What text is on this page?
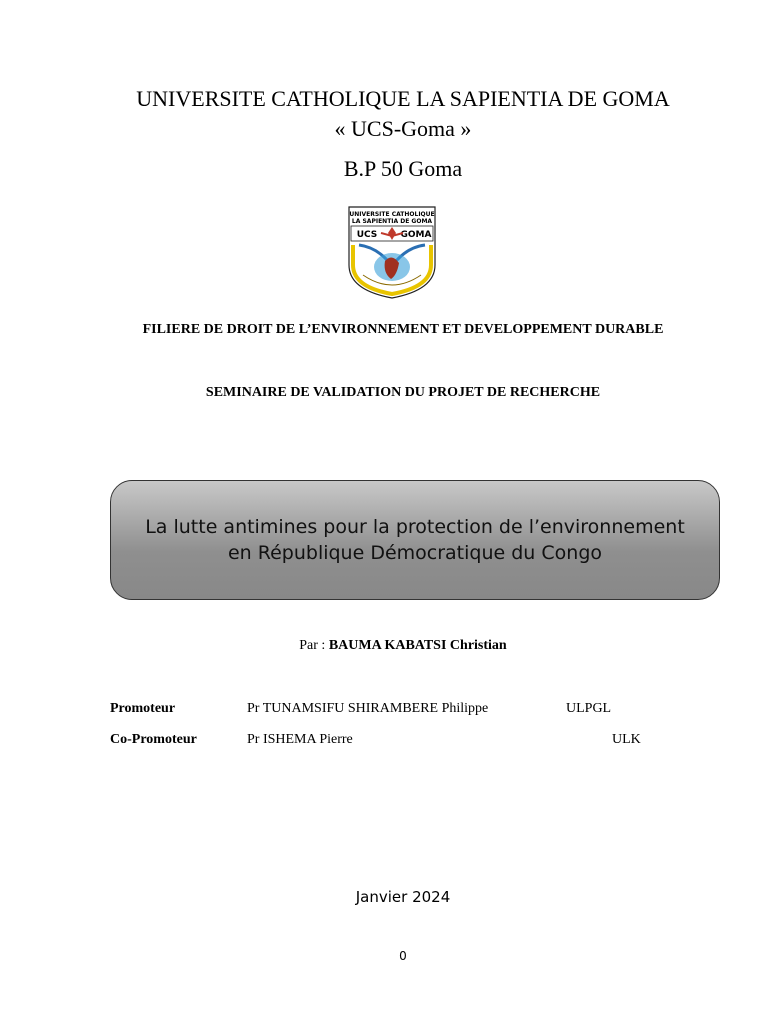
UNIVERSITE CATHOLIQUE LA SAPIENTIA DE GOMA
« UCS-Goma »
B.P 50 Goma
UNIVERSITE CATHOLIQUE
LA SAPIENTIA DE GOMA
UCS	GOMA
FILIERE DE DROIT DE L’ENVIRONNEMENT ET DEVELOPPEMENT DURABLE
SEMINAIRE DE VALIDATION DU PROJET DE RECHERCHE
La lutte antimines pour la protection de l’environnement en République Démocratique du Congo
Par : BAUMA KABATSI Christian
Promoteur	Pr TUNAMSIFU SHIRAMBERE Philippe	ULPGL
Co-Promoteur	Pr ISHEMA Pierre	ULK
Janvier 2024
0
